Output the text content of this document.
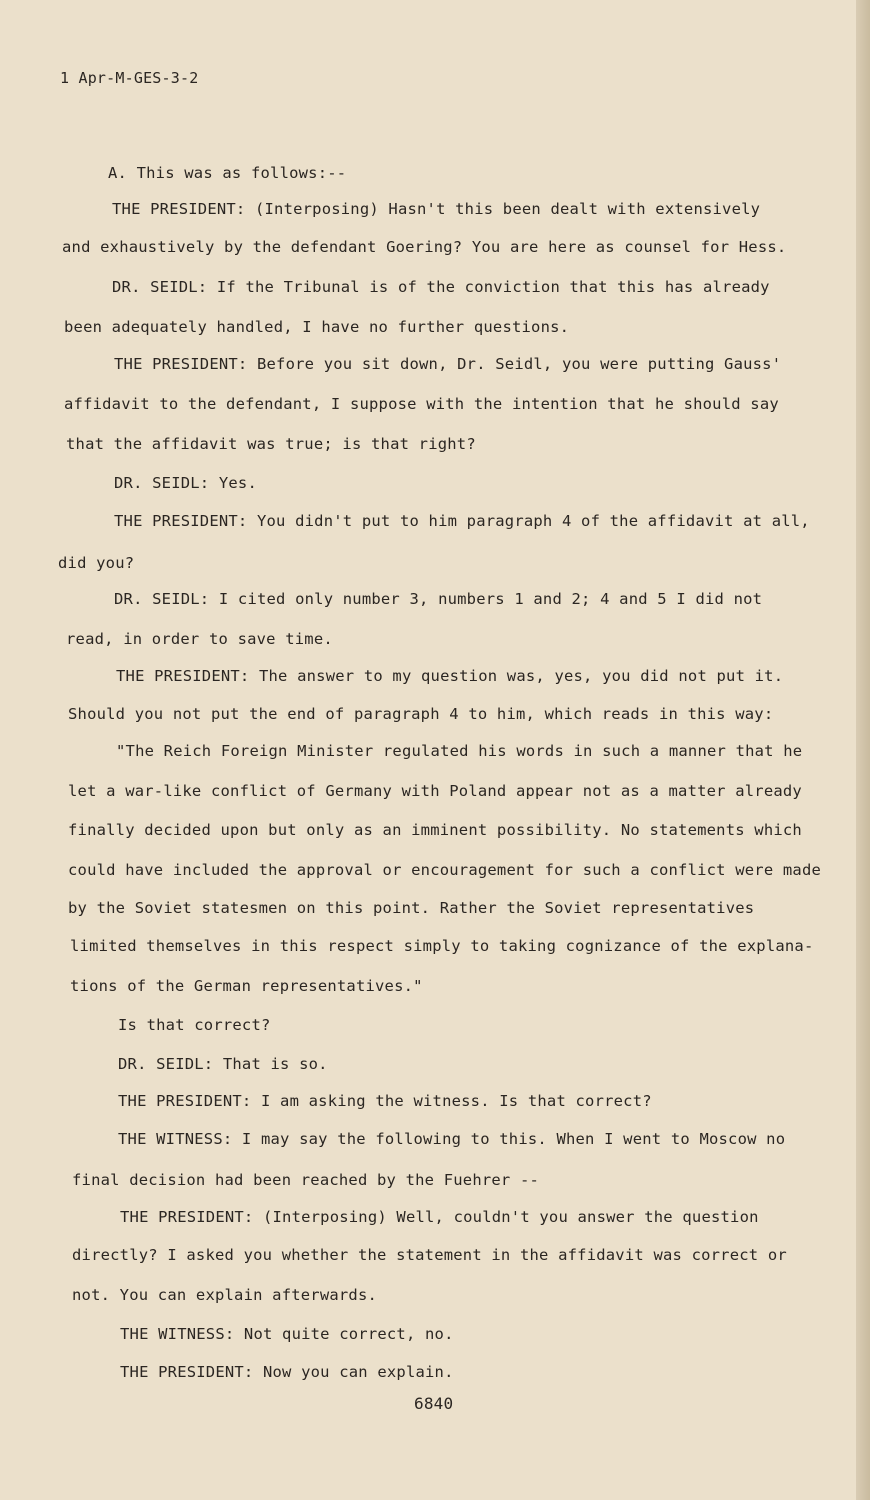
1 Apr-M-GES-3-2
A. This was as follows:--
THE PRESIDENT: (Interposing) Hasn't this been dealt with extensively
and exhaustively by the defendant Goering? You are here as counsel for Hess.
DR. SEIDL: If the Tribunal is of the conviction that this has already
been adequately handled, I have no further questions.
THE PRESIDENT: Before you sit down, Dr. Seidl, you were putting Gauss'
affidavit to the defendant, I suppose with the intention that he should say
that the affidavit was true; is that right?
DR. SEIDL: Yes.
THE PRESIDENT: You didn't put to him paragraph 4 of the affidavit at all,
did you?
DR. SEIDL: I cited only number 3, numbers 1 and 2; 4 and 5 I did not
read, in order to save time.
THE PRESIDENT: The answer to my question was, yes, you did not put it.
Should you not put the end of paragraph 4 to him, which reads in this way:
"The Reich Foreign Minister regulated his words in such a manner that he
let a war-like conflict of Germany with Poland appear not as a matter already
finally decided upon but only as an imminent possibility. No statements which
could have included the approval or encouragement for such a conflict were made
by the Soviet statesmen on this point. Rather the Soviet representatives
limited themselves in this respect simply to taking cognizance of the explana-
tions of the German representatives."
Is that correct?
DR. SEIDL: That is so.
THE PRESIDENT: I am asking the witness. Is that correct?
THE WITNESS: I may say the following to this. When I went to Moscow no
final decision had been reached by the Fuehrer --
THE PRESIDENT: (Interposing) Well, couldn't you answer the question
directly? I asked you whether the statement in the affidavit was correct or
not. You can explain afterwards.
THE WITNESS: Not quite correct, no.
THE PRESIDENT: Now you can explain.
6840
